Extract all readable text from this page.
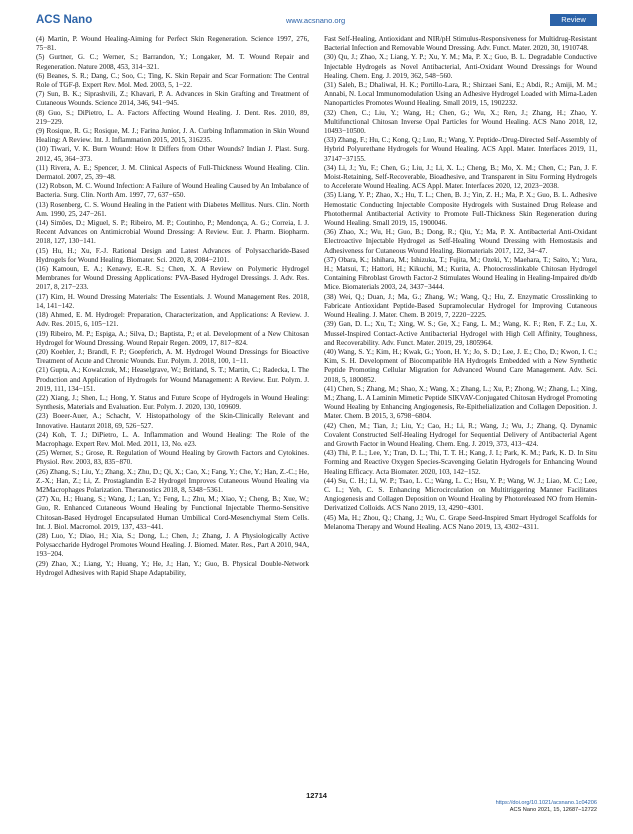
ACS Nano	www.acsnano.org	Review

(4) Martin, P. Wound Healing-Aiming for Perfect Skin Regeneration. Science 1997, 276, 75−81.

(5) Gurtner, G. C.; Werner, S.; Barrandon, Y.; Longaker, M. T. Wound Repair and Regeneration. Nature 2008, 453, 314−321.

(6) Beanes, S. R.; Dang, C.; Soo, C.; Ting, K. Skin Repair and Scar Formation: The Central Role of TGF-β. Expert Rev. Mol. Med. 2003, 5, 1−22.

(7) Sun, B. K.; Siprashvili, Z.; Khavari, P. A. Advances in Skin Grafting and Treatment of Cutaneous Wounds. Science 2014, 346, 941−945.

(8) Guo, S.; DiPietro, L. A. Factors Affecting Wound Healing. J. Dent. Res. 2010, 89, 219−229.

(9) Rosique, R. G.; Rosique, M. J.; Farina Junior, J. A. Curbing Inflammation in Skin Wound Healing: A Review. Int. J. Inflammation 2015, 2015, 316235.

(10) Tiwari, V. K. Burn Wound: How It Differs from Other Wounds? Indian J. Plast. Surg. 2012, 45, 364−373.

(11) Rivera, A. E.; Spencer, J. M. Clinical Aspects of Full-Thickness Wound Healing. Clin. Dermatol. 2007, 25, 39−48.

(12) Robson, M. C. Wound Infection: A Failure of Wound Healing Caused by An Imbalance of Bacteria. Surg. Clin. North Am. 1997, 77, 637−650.

(13) Rosenberg, C. S. Wound Healing in the Patient with Diabetes Mellitus. Nurs. Clin. North Am. 1990, 25, 247−261.

(14) Simões, D.; Miguel, S. P.; Ribeiro, M. P.; Coutinho, P.; Mendonça, A. G.; Correia, I. J. Recent Advances on Antimicrobial Wound Dressing: A Review. Eur. J. Pharm. Biopharm. 2018, 127, 130−141.

(15) Hu, H.; Xu, F.-J. Rational Design and Latest Advances of Polysaccharide-Based Hydrogels for Wound Healing. Biomater. Sci. 2020, 8, 2084−2101.

(16) Kamoun, E. A.; Kenawy, E.-R. S.; Chen, X. A Review on Polymeric Hydrogel Membranes for Wound Dressing Applications: PVA-Based Hydrogel Dressings. J. Adv. Res. 2017, 8, 217−233.

(17) Kim, H. Wound Dressing Materials: The Essentials. J. Wound Management Res. 2018, 14, 141−142.

(18) Ahmed, E. M. Hydrogel: Preparation, Characterization, and Applications: A Review. J. Adv. Res. 2015, 6, 105−121.

(19) Ribeiro, M. P.; Espiga, A.; Silva, D.; Baptista, P.; et al. Development of a New Chitosan Hydrogel for Wound Dressing. Wound Repair Regen. 2009, 17, 817−824.

(20) Koehler, J.; Brandl, F. P.; Goepferich, A. M. Hydrogel Wound Dressings for Bioactive Treatment of Acute and Chronic Wounds. Eur. Polym. J. 2018, 100, 1−11.

(21) Gupta, A.; Kowalczuk, M.; Heaselgrave, W.; Britland, S. T.; Martin, C.; Radecka, I. The Production and Application of Hydrogels for Wound Management: A Review. Eur. Polym. J. 2019, 111, 134−151.

(22) Xiang, J.; Shen, L.; Hong, Y. Status and Future Scope of Hydrogels in Wound Healing: Synthesis, Materials and Evaluation. Eur. Polym. J. 2020, 130, 109609.

(23) Boeer-Auer, A.; Schacht, V. Histopathology of the Skin-Clinically Relevant and Innovative. Hautarzt 2018, 69, 526−527.

(24) Koh, T. J.; DiPietro, L. A. Inflammation and Wound Healing: The Role of the Macrophage. Expert Rev. Mol. Med. 2011, 13, No. e23.

(25) Werner, S.; Grose, R. Regulation of Wound Healing by Growth Factors and Cytokines. Physiol. Rev. 2003, 83, 835−870.

(26) Zhang, S.; Liu, Y.; Zhang, X.; Zhu, D.; Qi, X.; Cao, X.; Fang, Y.; Che, Y.; Han, Z.-C.; He, Z.-X.; Han, Z.; Li, Z. Prostaglandin E-2 Hydrogel Improves Cutaneous Wound Healing via M2Macrophages Polarization. Theranostics 2018, 8, 5348−5361.

(27) Xu, H.; Huang, S.; Wang, J.; Lan, Y.; Feng, L.; Zhu, M.; Xiao, Y.; Cheng, B.; Xue, W.; Guo, R. Enhanced Cutaneous Wound Healing by Functional Injectable Thermo-Sensitive Chitosan-Based Hydrogel Encapsulated Human Umbilical Cord-Mesenchymal Stem Cells. Int. J. Biol. Macromol. 2019, 137, 433−441.

(28) Luo, Y.; Diao, H.; Xia, S.; Dong, L.; Chen, J.; Zhang, J. A Physiologically Active Polysaccharide Hydrogel Promotes Wound Healing. J. Biomed. Mater. Res., Part A 2010, 94A, 193−204.

(29) Zhao, X.; Liang, Y.; Huang, Y.; He, J.; Han, Y.; Guo, B. Physical Double-Network Hydrogel Adhesives with Rapid Shape Adaptability,

Fast Self-Healing, Antioxidant and NIR/pH Stimulus-Responsiveness for Multidrug-Resistant Bacterial Infection and Removable Wound Dressing. Adv. Funct. Mater. 2020, 30, 1910748.

(30) Qu, J.; Zhao, X.; Liang, Y. P.; Xu, Y. M.; Ma, P. X.; Guo, B. L. Degradable Conductive Injectable Hydrogels as Novel Antibacterial, Anti-Oxidant Wound Dressings for Wound Healing. Chem. Eng. J. 2019, 362, 548−560.

(31) Saleh, B.; Dhaliwal, H. K.; Portillo-Lara, R.; Shirzaei Sani, E.; Abdi, R.; Amiji, M. M.; Annabi, N. Local Immunomodulation Using an Adhesive Hydrogel Loaded with Mirna-Laden Nanoparticles Promotes Wound Healing. Small 2019, 15, 1902232.

(32) Chen, C.; Liu, Y.; Wang, H.; Chen, G.; Wu, X.; Ren, J.; Zhang, H.; Zhao, Y. Multifunctional Chitosan Inverse Opal Particles for Wound Healing. ACS Nano 2018, 12, 10493−10500.

(33) Zhang, F.; Hu, C.; Kong, Q.; Luo, R.; Wang, Y. Peptide-/Drug-Directed Self-Assembly of Hybrid Polyurethane Hydrogels for Wound Healing. ACS Appl. Mater. Interfaces 2019, 11, 37147−37155.

(34) Li, J.; Yu, F.; Chen, G.; Liu, J.; Li, X. L.; Cheng, B.; Mo, X. M.; Chen, C.; Pan, J. F. Moist-Retaining, Self-Recoverable, Bioadhesive, and Transparent in Situ Forming Hydrogels to Accelerate Wound Healing. ACS Appl. Mater. Interfaces 2020, 12, 2023−2038.

(35) Liang, Y. P.; Zhao, X.; Hu, T. L.; Chen, B. J.; Yin, Z. H.; Ma, P. X.; Guo, B. L. Adhesive Hemostatic Conducting Injectable Composite Hydrogels with Sustained Drug Release and Photothermal Antibacterial Activity to Promote Full-Thickness Skin Regeneration during Wound Healing. Small 2019, 15, 1900046.

(36) Zhao, X.; Wu, H.; Guo, B.; Dong, R.; Qiu, Y.; Ma, P. X. Antibacterial Anti-Oxidant Electroactive Injectable Hydrogel as Self-Healing Wound Dressing with Hemostasis and Adhesiveness for Cutaneous Wound Healing. Biomaterials 2017, 122, 34−47.

(37) Obara, K.; Ishihara, M.; Ishizuka, T.; Fujita, M.; Ozeki, Y.; Maehara, T.; Saito, Y.; Yura, H.; Matsui, T.; Hattori, H.; Kikuchi, M.; Kurita, A. Photocrosslinkable Chitosan Hydrogel Containing Fibroblast Growth Factor-2 Stimulates Wound Healing in Healing-Impaired db/db Mice. Biomaterials 2003, 24, 3437−3444.

(38) Wei, Q.; Duan, J.; Ma, G.; Zhang, W.; Wang, Q.; Hu, Z. Enzymatic Crosslinking to Fabricate Antioxidant Peptide-Based Supramolecular Hydrogel for Improving Cutaneous Wound Healing. J. Mater. Chem. B 2019, 7, 2220−2225.

(39) Gan, D. L.; Xu, T.; Xing, W. S.; Ge, X.; Fang, L. M.; Wang, K. F.; Ren, F. Z.; Lu, X. Mussel-Inspired Contact-Active Antibacterial Hydrogel with High Cell Affinity, Toughness, and Recoverability. Adv. Funct. Mater. 2019, 29, 1805964.

(40) Wang, S. Y.; Kim, H.; Kwak, G.; Yoon, H. Y.; Jo, S. D.; Lee, J. E.; Cho, D.; Kwon, I. C.; Kim, S. H. Development of Biocompatible HA Hydrogels Embedded with a New Synthetic Peptide Promoting Cellular Migration for Advanced Wound Care Management. Adv. Sci. 2018, 5, 1800852.

(41) Chen, S.; Zhang, M.; Shao, X.; Wang, X.; Zhang, L.; Xu, P.; Zhong, W.; Zhang, L.; Xing, M.; Zhang, L. A Laminin Mimetic Peptide SIKVAV-Conjugated Chitosan Hydrogel Promoting Wound Healing by Enhancing Angiogenesis, Re-Epithelialization and Collagen Deposition. J. Mater. Chem. B 2015, 3, 6798−6804.

(42) Chen, M.; Tian, J.; Liu, Y.; Cao, H.; Li, R.; Wang, J.; Wu, J.; Zhang, Q. Dynamic Covalent Constructed Self-Healing Hydrogel for Sequential Delivery of Antibacterial Agent and Growth Factor in Wound Healing. Chem. Eng. J. 2019, 373, 413−424.

(43) Thi, P. L.; Lee, Y.; Tran, D. L.; Thi, T. T. H.; Kang, J. I.; Park, K. M.; Park, K. D. In Situ Forming and Reactive Oxygen Species-Scavenging Gelatin Hydrogels for Enhancing Wound Healing Efficacy. Acta Biomater. 2020, 103, 142−152.

(44) Su, C. H.; Li, W. P.; Tsao, L. C.; Wang, L. C.; Hsu, Y. P.; Wang, W. J.; Liao, M. C.; Lee, C. L.; Yeh, C. S. Enhancing Microcirculation on Multitriggering Manner Facilitates Angiogenesis and Collagen Deposition on Wound Healing by Photoreleased NO from Hemin-Derivatized Colloids. ACS Nano 2019, 13, 4290−4301.

(45) Ma, H.; Zhou, Q.; Chang, J.; Wu, C. Grape Seed-Inspired Smart Hydrogel Scaffolds for Melanoma Therapy and Wound Healing. ACS Nano 2019, 13, 4302−4311.

12714
https://doi.org/10.1021/acsnano.1c04206
ACS Nano 2021, 15, 12687−12722
